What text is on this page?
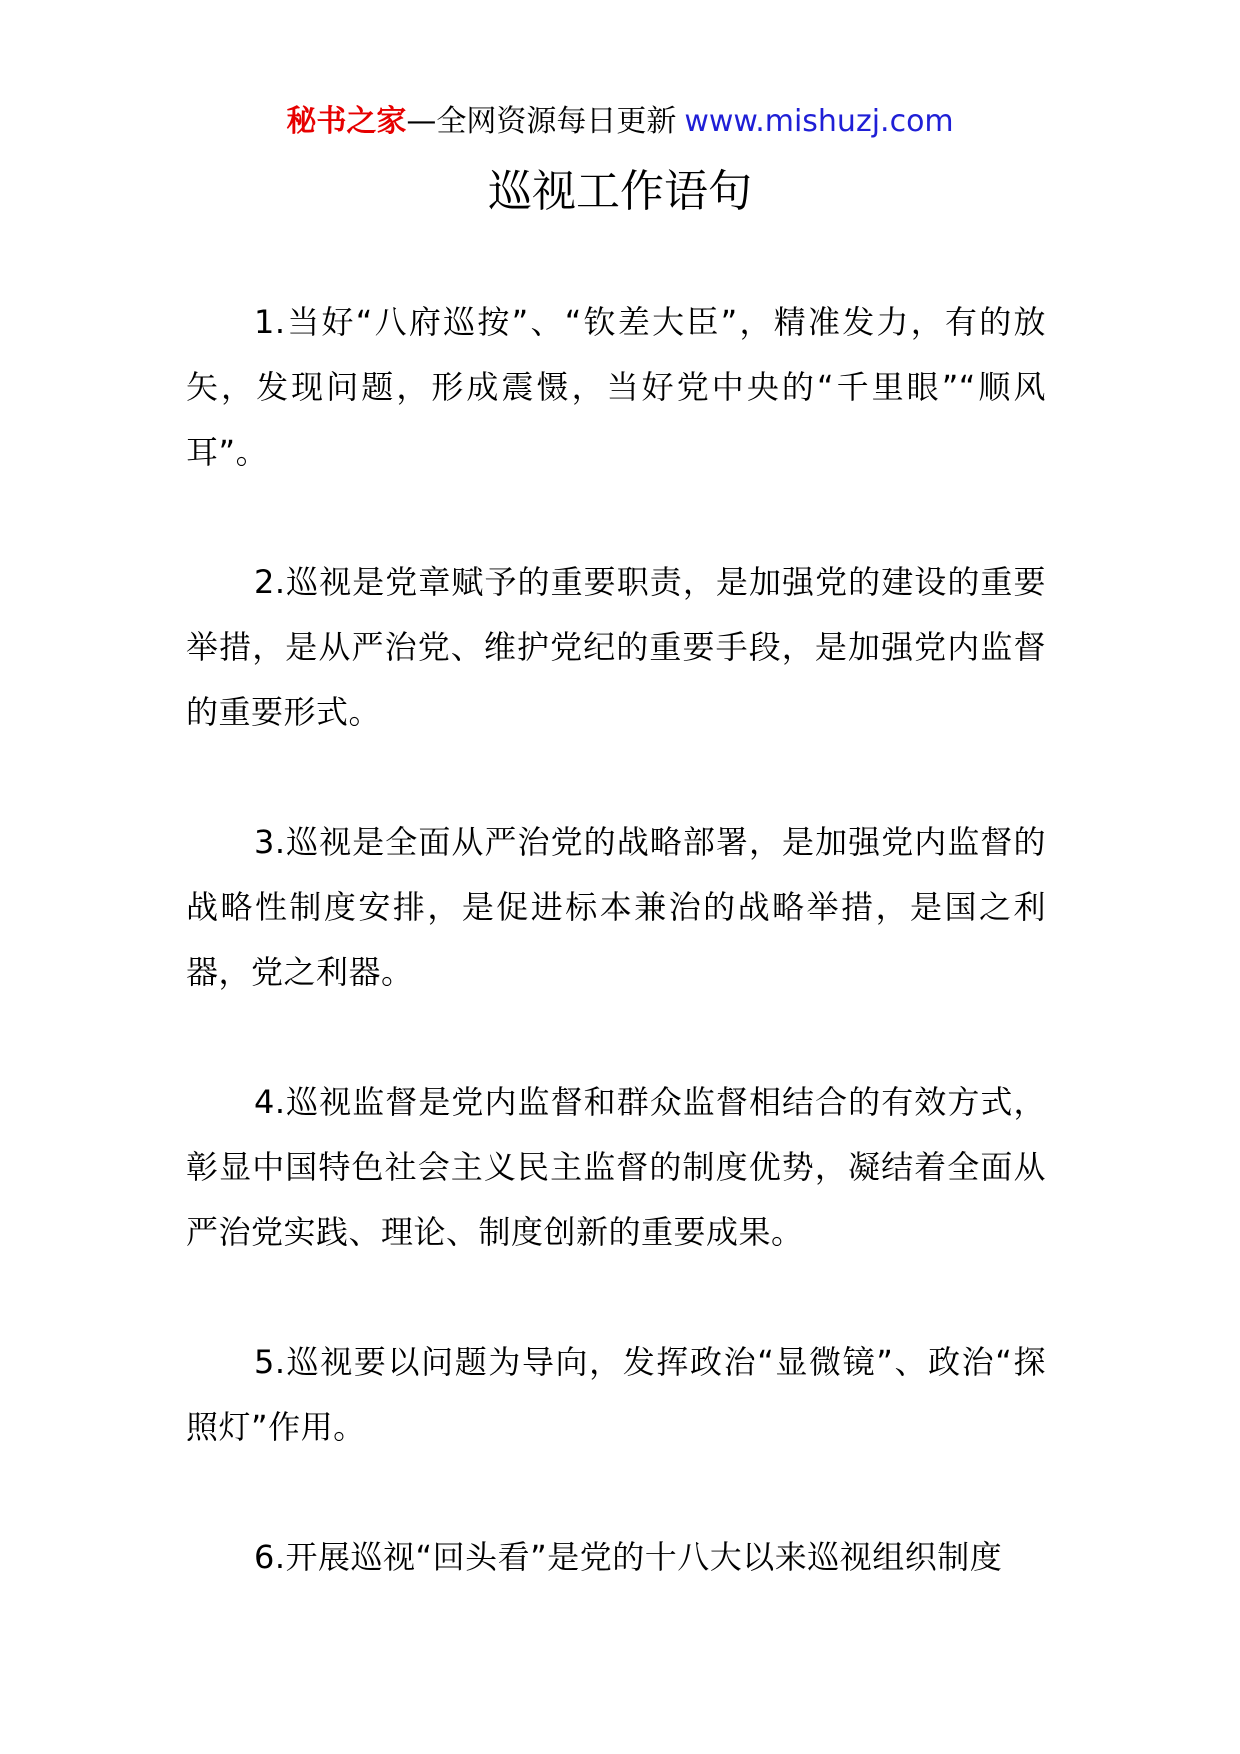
秘书之家—全网资源每日更新 www.mishuzj.com
巡视工作语句

1.当好“八府巡按”、“钦差大臣”，精准发力，有的放矢，发现问题，形成震慑，当好党中央的“千里眼”“顺风耳”。

2.巡视是党章赋予的重要职责，是加强党的建设的重要举措，是从严治党、维护党纪的重要手段，是加强党内监督的重要形式。

3.巡视是全面从严治党的战略部署，是加强党内监督的战略性制度安排，是促进标本兼治的战略举措，是国之利器，党之利器。

4.巡视监督是党内监督和群众监督相结合的有效方式，彰显中国特色社会主义民主监督的制度优势，凝结着全面从严治党实践、理论、制度创新的重要成果。

5.巡视要以问题为导向，发挥政治“显微镜”、政治“探照灯”作用。

6.开展巡视“回头看”是党的十八大以来巡视组织制度
